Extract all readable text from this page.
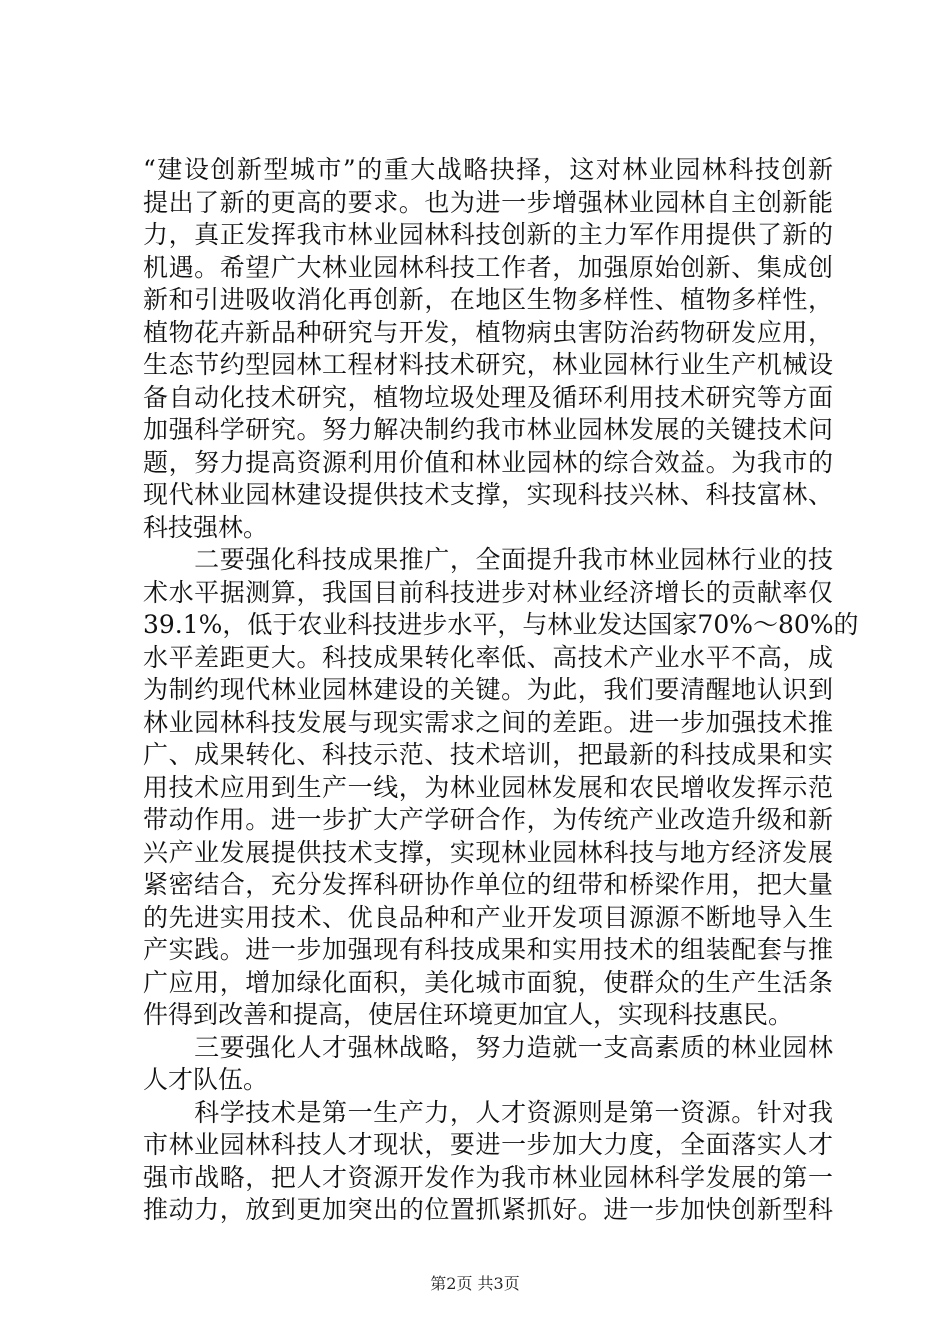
“建设创新型城市”的重大战略抉择，这对林业园林科技创新
提出了新的更高的要求。也为进一步增强林业园林自主创新能
力，真正发挥我市林业园林科技创新的主力军作用提供了新的
机遇。希望广大林业园林科技工作者，加强原始创新、集成创
新和引进吸收消化再创新，在地区生物多样性、植物多样性，
植物花卉新品种研究与开发，植物病虫害防治药物研发应用，
生态节约型园林工程材料技术研究，林业园林行业生产机械设
备自动化技术研究，植物垃圾处理及循环利用技术研究等方面
加强科学研究。努力解决制约我市林业园林发展的关键技术问
题，努力提高资源利用价值和林业园林的综合效益。为我市的
现代林业园林建设提供技术支撑，实现科技兴林、科技富林、
科技强林。
　　二要强化科技成果推广，全面提升我市林业园林行业的技
术水平据测算，我国目前科技进步对林业经济增长的贡献率仅
39.1%，低于农业科技进步水平，与林业发达国家70%～80%的
水平差距更大。科技成果转化率低、高技术产业水平不高，成
为制约现代林业园林建设的关键。为此，我们要清醒地认识到
林业园林科技发展与现实需求之间的差距。进一步加强技术推
广、成果转化、科技示范、技术培训，把最新的科技成果和实
用技术应用到生产一线，为林业园林发展和农民增收发挥示范
带动作用。进一步扩大产学研合作，为传统产业改造升级和新
兴产业发展提供技术支撑，实现林业园林科技与地方经济发展
紧密结合，充分发挥科研协作单位的纽带和桥梁作用，把大量
的先进实用技术、优良品种和产业开发项目源源不断地导入生
产实践。进一步加强现有科技成果和实用技术的组装配套与推
广应用，增加绿化面积，美化城市面貌，使群众的生产生活条
件得到改善和提高，使居住环境更加宜人，实现科技惠民。
　　三要强化人才强林战略，努力造就一支高素质的林业园林
人才队伍。
　　科学技术是第一生产力，人才资源则是第一资源。针对我
市林业园林科技人才现状，要进一步加大力度，全面落实人才
强市战略，把人才资源开发作为我市林业园林科学发展的第一
推动力，放到更加突出的位置抓紧抓好。进一步加快创新型科
第2页 共3页
